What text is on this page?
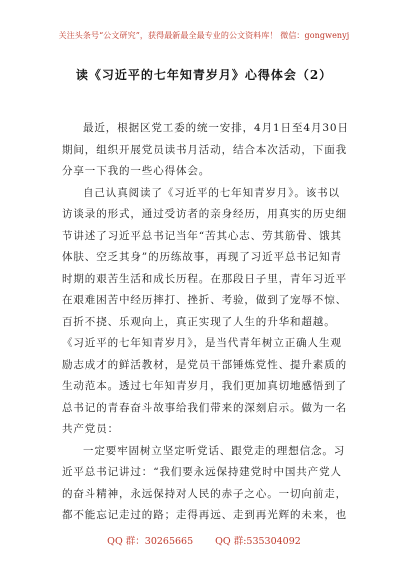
关注头条号“公文研究”，获得最新最全最专业的公文资料库！ 微信：gongwenyj
读《习近平的七年知青岁月》心得体会（2）
最近，根据区党工委的统一安排，4月1日至4月30日
期间，组织开展党员读书月活动，结合本次活动，下面我
分享一下我的一些心得体会。
自己认真阅读了《习近平的七年知青岁月》。该书以
访谈录的形式，通过受访者的亲身经历，用真实的历史细
节讲述了习近平总书记当年“苦其心志、劳其筋骨、饿其
体肤、空乏其身”的历练故事，再现了习近平总书记知青
时期的艰苦生活和成长历程。在那段日子里，青年习近平
在艰难困苦中经历摔打、挫折、考验，做到了宠辱不惊、
百折不挠、乐观向上，真正实现了人生的升华和超越。
《习近平的七年知青岁月》，是当代青年树立正确人生观
励志成才的鲜活教材，是党员干部锤炼党性、提升素质的
生动范本。透过七年知青岁月，我们更加真切地感悟到了
总书记的青春奋斗故事给我们带来的深刻启示。做为一名
共产党员：
一定要牢固树立坚定听党话、跟党走的理想信念。习
近平总书记讲过：“我们要永远保持建党时中国共产党人
的奋斗精神，永远保持对人民的赤子之心。一切向前走，
都不能忘记走过的路；走得再远、走到再光辉的未来，也
QQ 群：30265665 QQ 群:535304092
